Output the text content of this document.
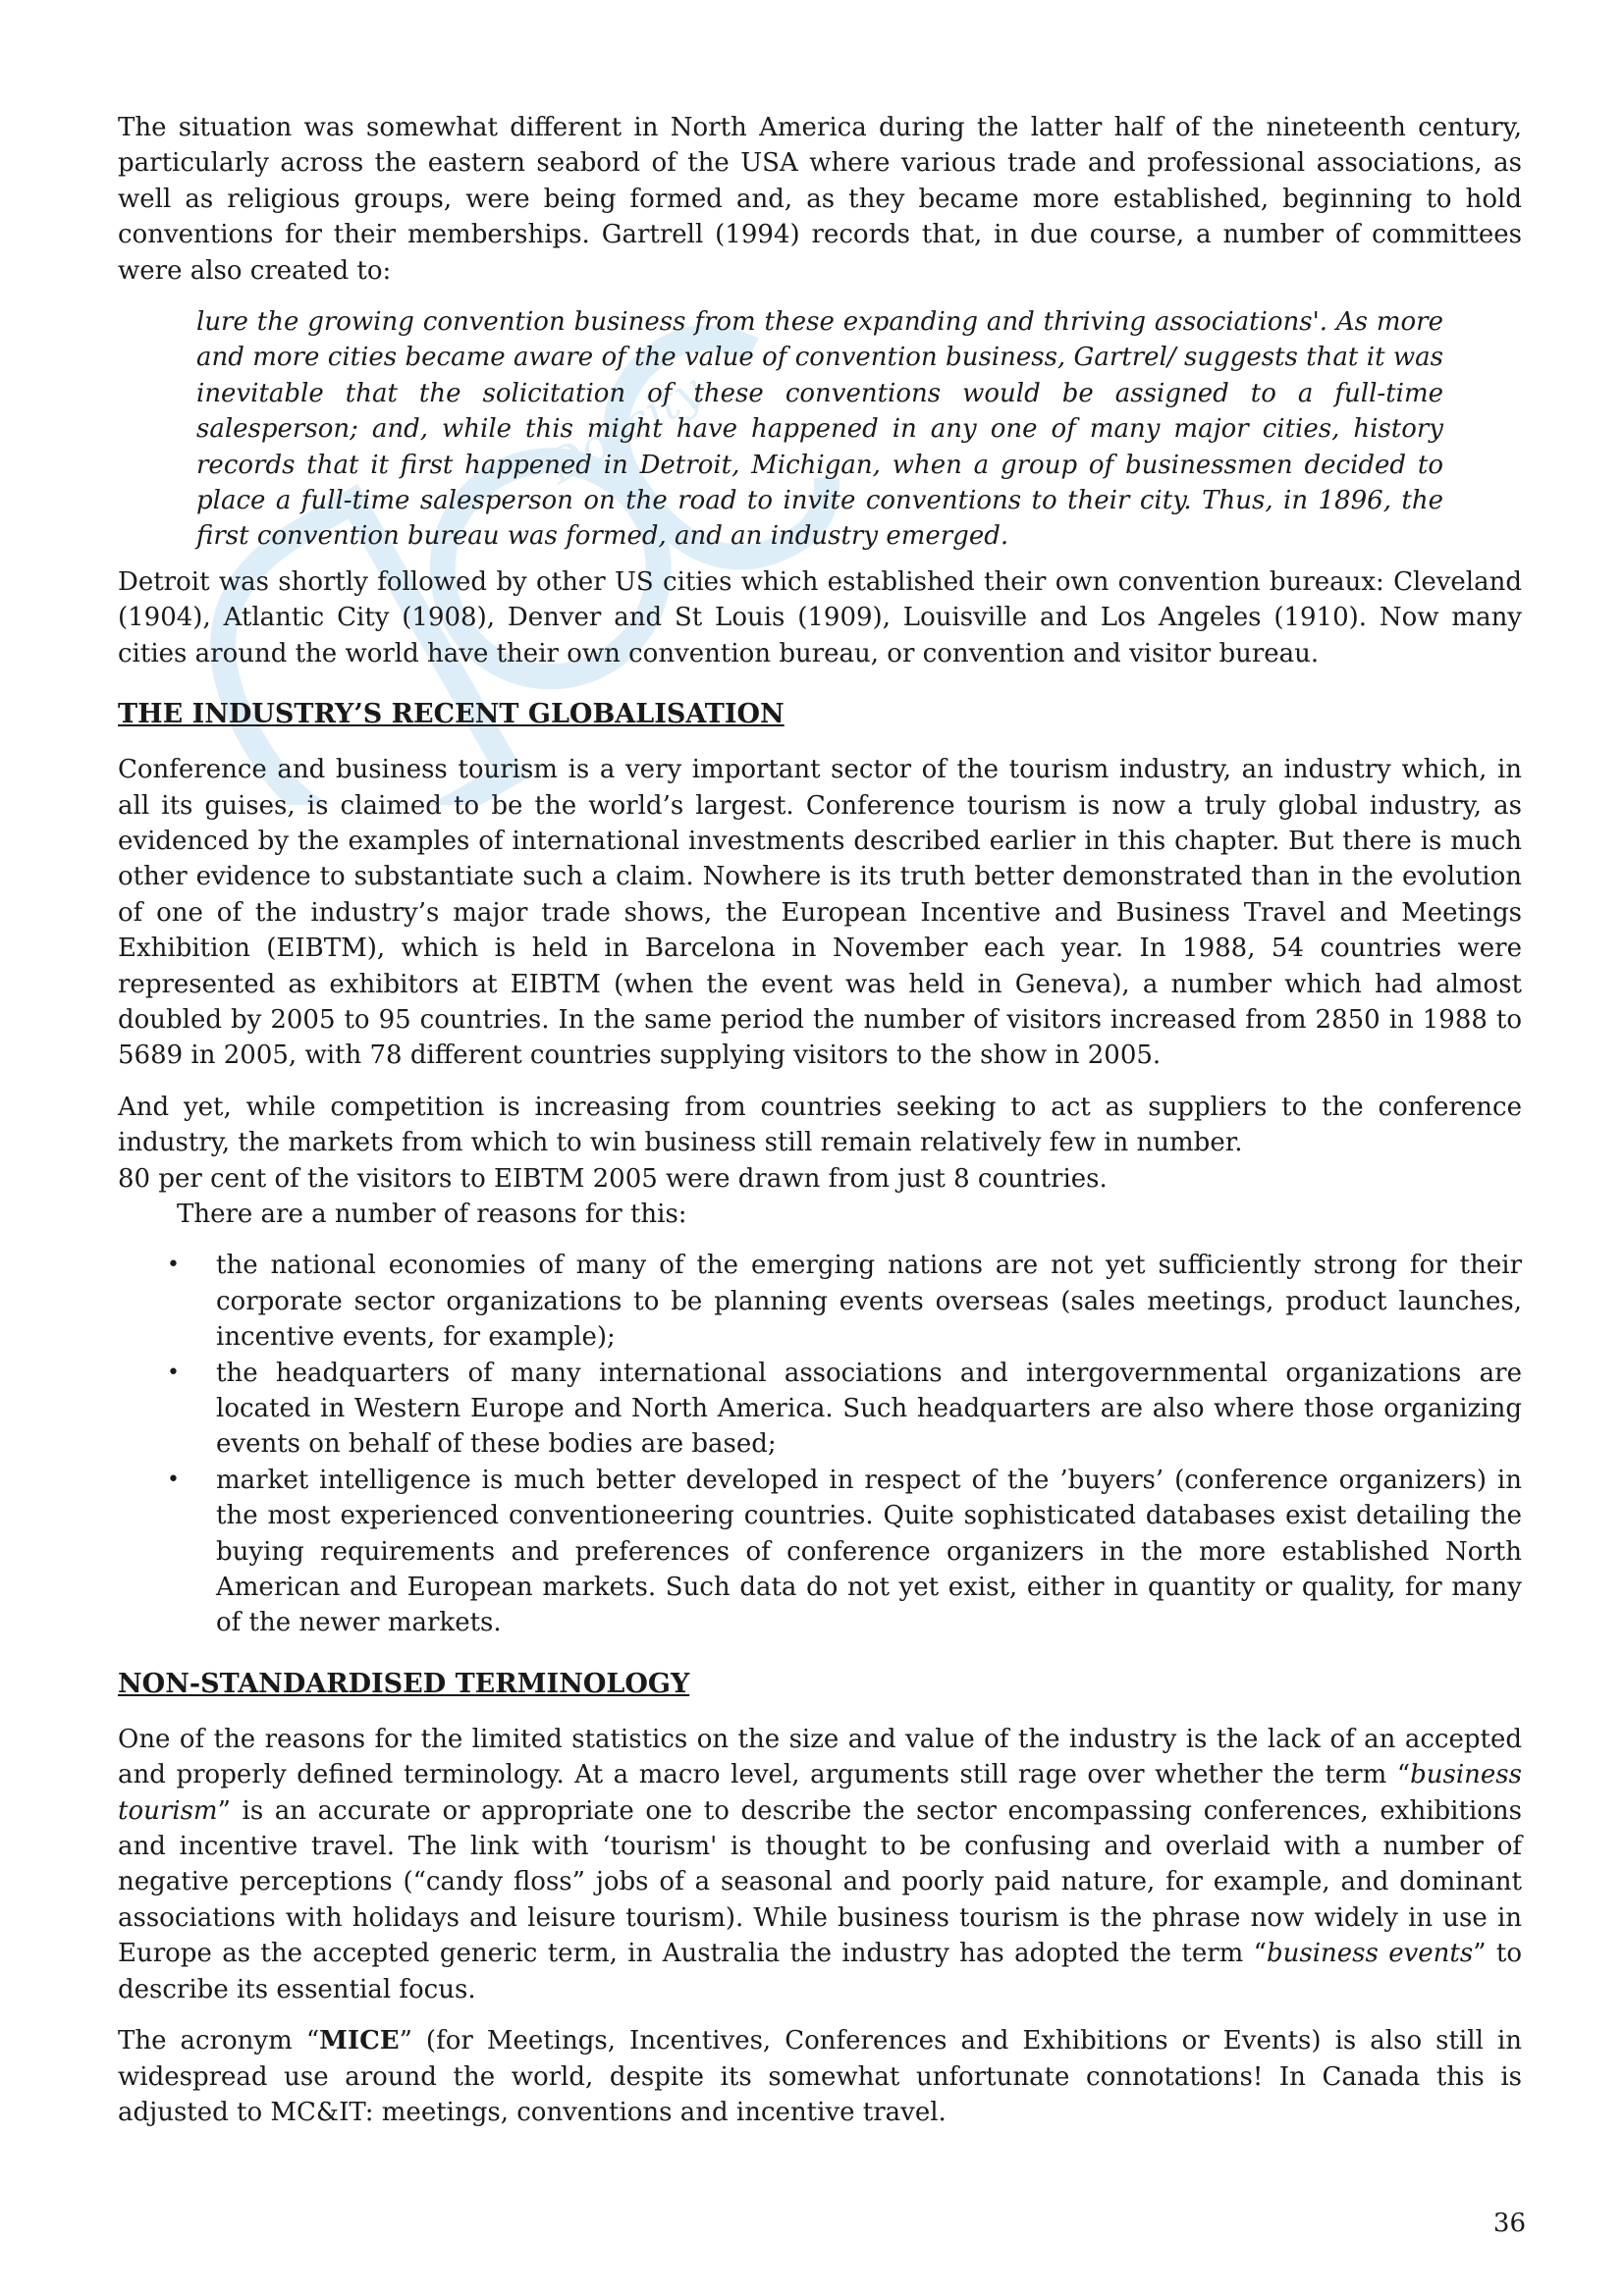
Docsity

The situation was somewhat different in North America during the latter half of the nineteenth century, particularly across the eastern seabord of the USA where various trade and professional associations, as well as religious groups, were being formed and, as they became more established, beginning to hold conventions for their memberships. Gartrell (1994) records that, in due course, a number of committees were also created to:

lure the growing convention business from these expanding and thriving associations'. As more and more cities became aware of the value of convention business, Gartrel/ suggests that it was inevitable that the solicitation of these conventions would be assigned to a full-time salesperson; and, while this might have happened in any one of many major cities, history records that it first happened in Detroit, Michigan, when a group of businessmen decided to place a full-time salesperson on the road to invite conventions to their city. Thus, in 1896, the first convention bureau was formed, and an industry emerged.

Detroit was shortly followed by other US cities which established their own convention bureaux: Cleveland (1904), Atlantic City (1908), Denver and St Louis (1909), Louisville and Los Angeles (1910). Now many cities around the world have their own convention bureau, or convention and visitor bureau.

THE INDUSTRY’S RECENT GLOBALISATION

Conference and business tourism is a very important sector of the tourism industry, an industry which, in all its guises, is claimed to be the world’s largest. Conference tourism is now a truly global industry, as evidenced by the examples of international investments described earlier in this chapter. But there is much other evidence to substantiate such a claim. Nowhere is its truth better demonstrated than in the evolution of one of the industry’s major trade shows, the European Incentive and Business Travel and Meetings Exhibition (EIBTM), which is held in Barcelona in November each year. In 1988, 54 countries were represented as exhibitors at EIBTM (when the event was held in Geneva), a number which had almost doubled by 2005 to 95 countries. In the same period the number of visitors increased from 2850 in 1988 to 5689 in 2005, with 78 different countries supplying visitors to the show in 2005.

And yet, while competition is increasing from countries seeking to act as suppliers to the conference industry, the markets from which to win business still remain relatively few in number.

80 per cent of the visitors to EIBTM 2005 were drawn from just 8 countries.

There are a number of reasons for this:

• the national economies of many of the emerging nations are not yet sufficiently strong for their corporate sector organizations to be planning events overseas (sales meetings, product launches, incentive events, for example);
• the headquarters of many international associations and intergovernmental organizations are located in Western Europe and North America. Such headquarters are also where those organizing events on behalf of these bodies are based;
• market intelligence is much better developed in respect of the ’buyers’ (conference organizers) in the most experienced conventioneering countries. Quite sophisticated databases exist detailing the buying requirements and preferences of conference organizers in the more established North American and European markets. Such data do not yet exist, either in quantity or quality, for many of the newer markets.
NON-STANDARDISED TERMINOLOGY

One of the reasons for the limited statistics on the size and value of the industry is the lack of an accepted and properly defined terminology. At a macro level, arguments still rage over whether the term “business tourism” is an accurate or appropriate one to describe the sector encompassing conferences, exhibitions and incentive travel. The link with ‘tourism' is thought to be confusing and overlaid with a number of negative perceptions (“candy floss” jobs of a seasonal and poorly paid nature, for example, and dominant associations with holidays and leisure tourism). While business tourism is the phrase now widely in use in Europe as the accepted generic term, in Australia the industry has adopted the term “business events” to describe its essential focus.

The acronym “MICE” (for Meetings, Incentives, Conferences and Exhibitions or Events) is also still in widespread use around the world, despite its somewhat unfortunate connotations! In Canada this is adjusted to MC&IT: meetings, conventions and incentive travel.

36
